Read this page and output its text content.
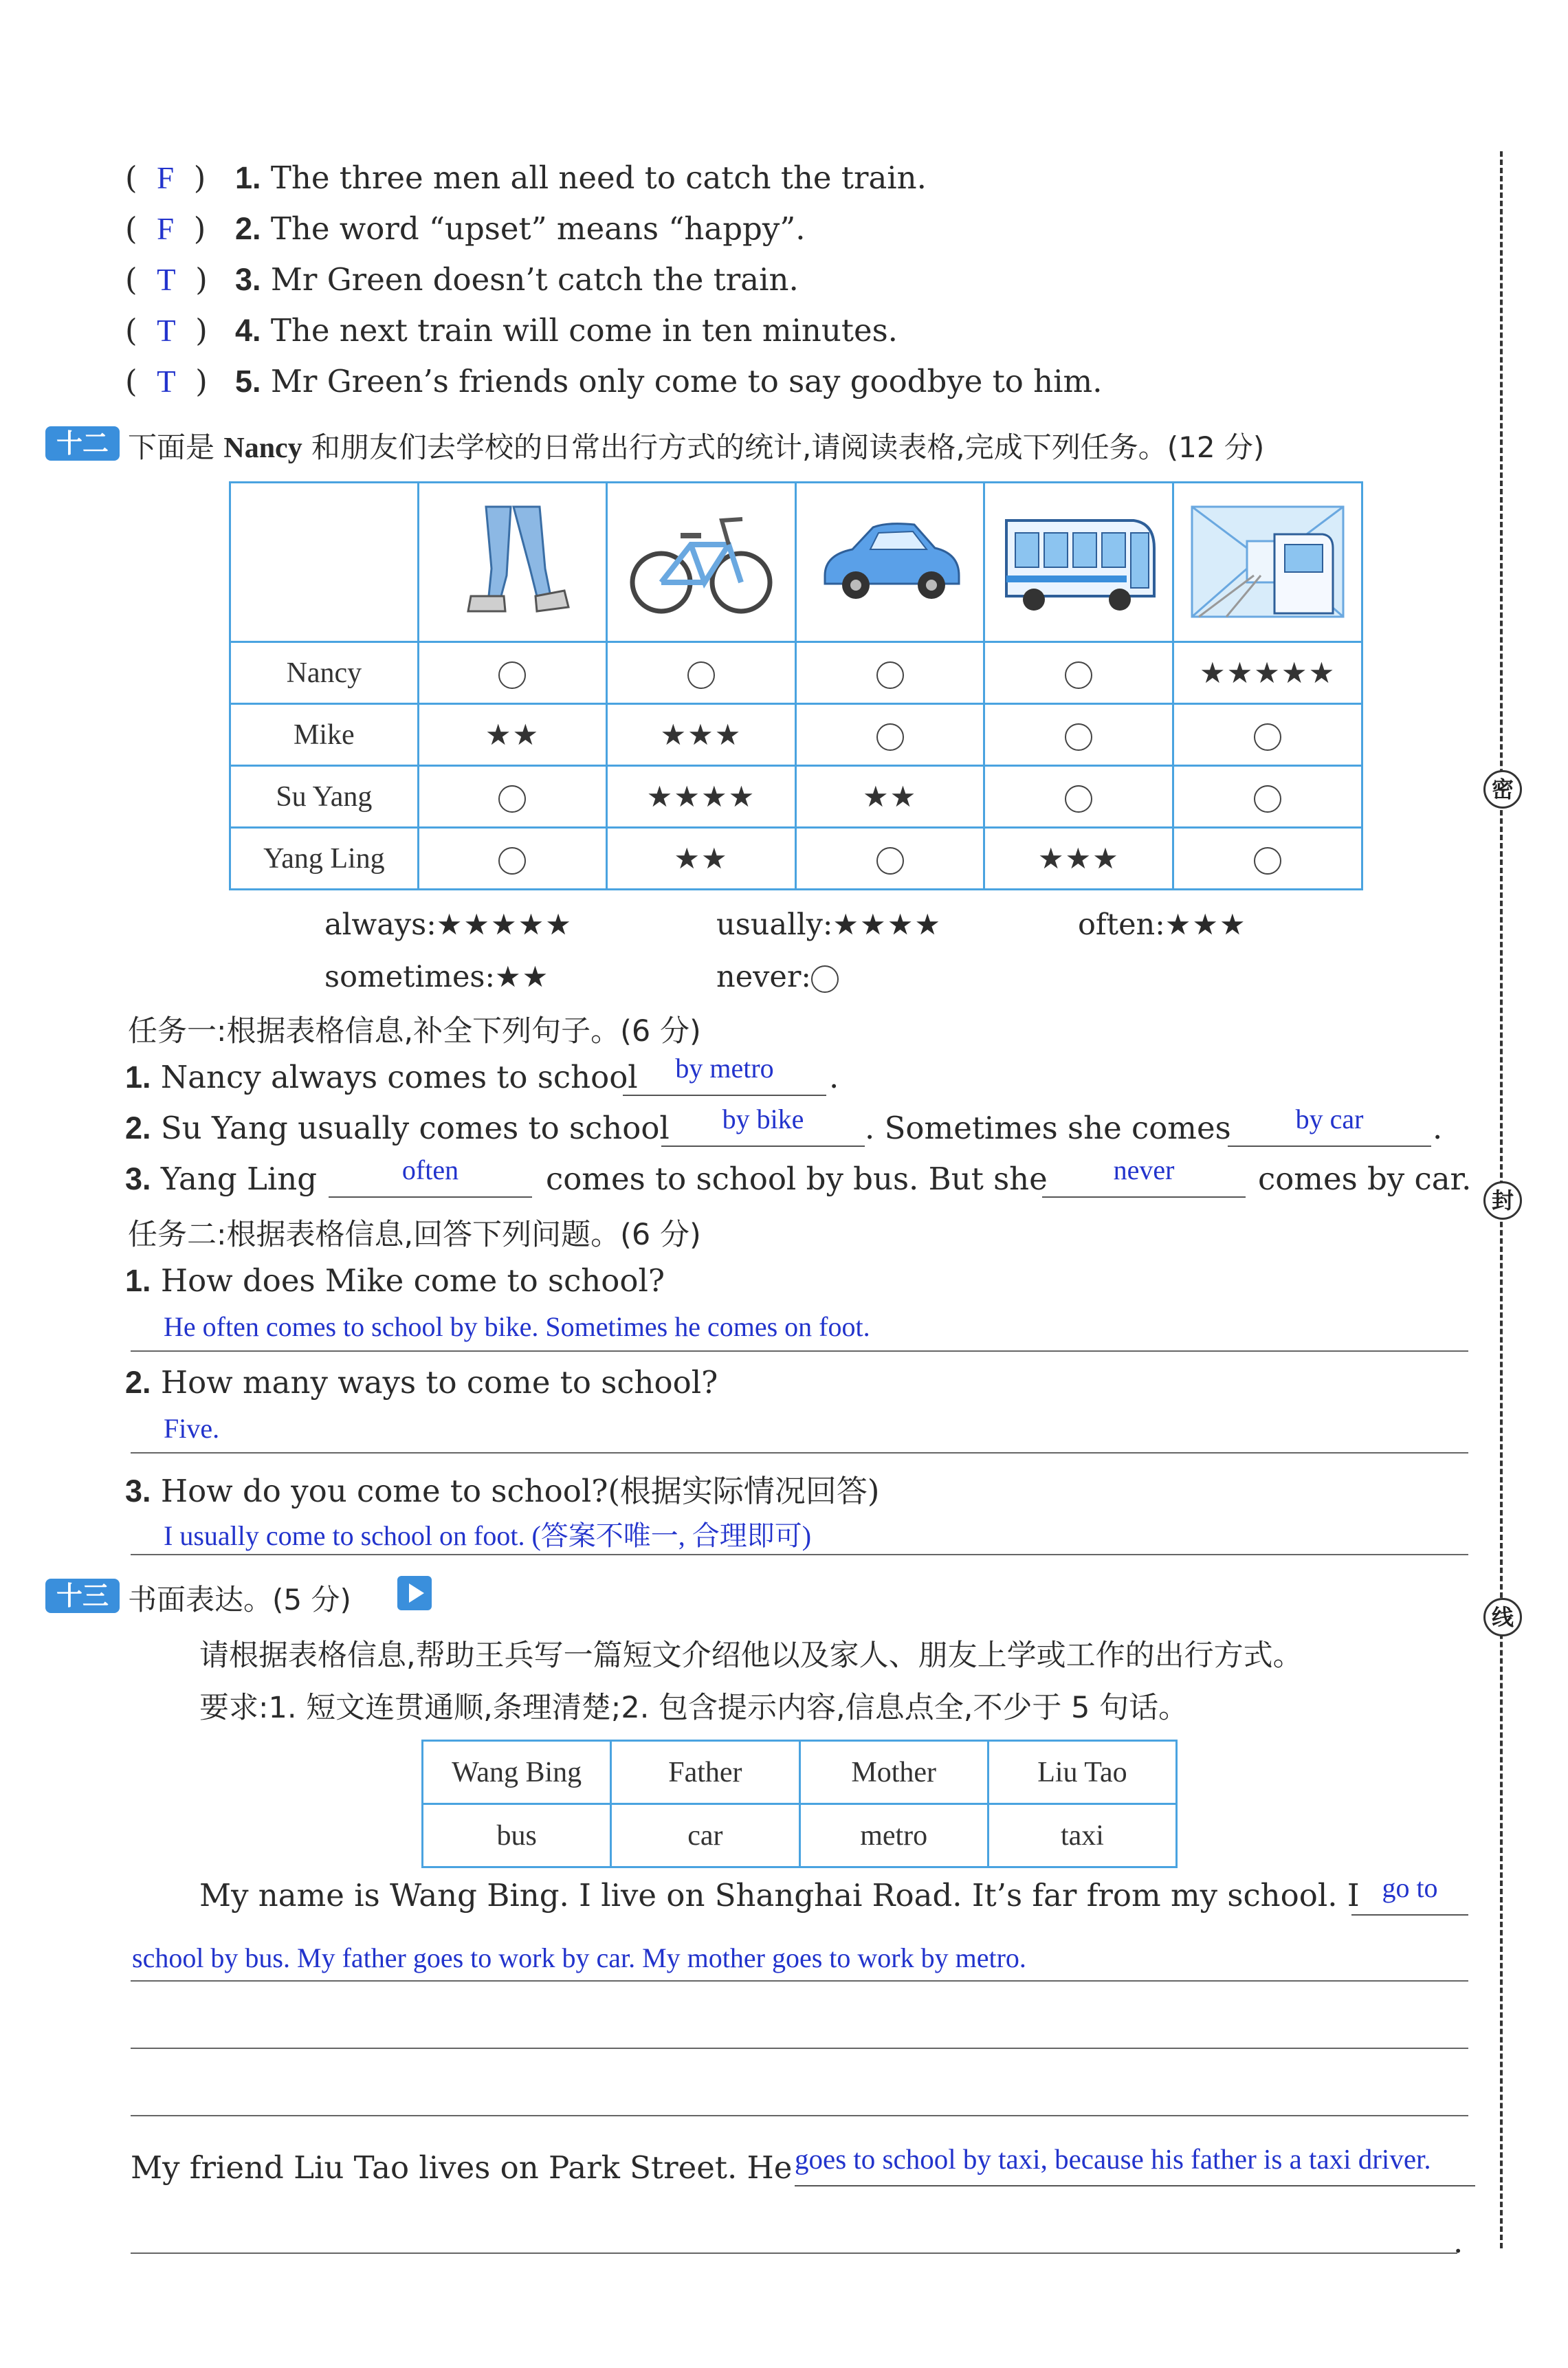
(  F  ) 1. The three men all need to catch the train.
(  F  ) 2. The word “upset” means “happy”.
(  T  ) 3. Mr Green doesn’t catch the train.
(  T  ) 4. The next train will come in ten minutes.
(  T  ) 5. Mr Green’s friends only come to say goodbye to him.
十二 下面是 Nancy 和朋友们去学校的日常出行方式的统计,请阅读表格,完成下列任务。(12 分)

Nancy					★★★★★
Mike	★★	★★★			
Su Yang		★★★★	★★		
Yang Ling		★★		★★★	
always:★★★★★	usually:★★★★	often:★★★
sometimes:★★	never:
任务一:根据表格信息,补全下列句子。(6 分)
1. Nancy always comes to school	by metro	.
2. Su Yang usually comes to school	by bike	. Sometimes she comes	by car	.
3. Yang Ling	often	comes to school by bus. But she	never	comes by car.
任务二:根据表格信息,回答下列问题。(6 分)
1. How does Mike come to school?
He often comes to school by bike. Sometimes he comes on foot.
2. How many ways to come to school?
Five.
3. How do you come to school?(根据实际情况回答)
I usually come to school on foot. (答案不唯一, 合理即可)
十三 书面表达。(5 分)
请根据表格信息,帮助王兵写一篇短文介绍他以及家人、朋友上学或工作的出行方式。
要求:1. 短文连贯通顺,条理清楚;2. 包含提示内容,信息点全,不少于 5 句话。
Wang Bing	Father	Mother	Liu Tao
bus	car	metro	taxi
My name is Wang Bing. I live on Shanghai Road. It’s far from my school. I go to
school by bus. My father goes to work by car. My mother goes to work by metro.
My friend Liu Tao lives on Park Street. He goes to school by taxi, because his father is a taxi driver.
.
密
封
线
